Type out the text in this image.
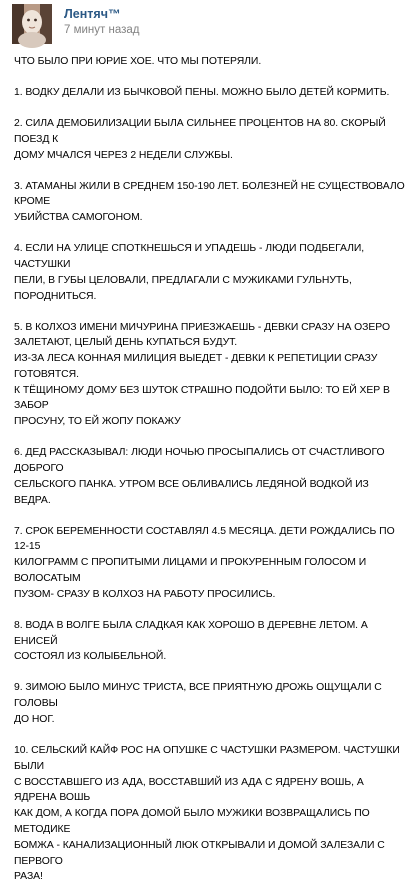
Лентяч™
7 минут назад

ЧТО БЫЛО ПРИ ЮРИЕ ХОЕ. ЧТО МЫ ПОТЕРЯЛИ.

1. ВОДКУ ДЕЛАЛИ ИЗ БЫЧКОВОЙ ПЕНЫ. МОЖНО БЫЛО ДЕТЕЙ КОРМИТЬ.

2. СИЛА ДЕМОБИЛИЗАЦИИ БЫЛА СИЛЬНЕЕ ПРОЦЕНТОВ НА 80. СКОРЫЙ ПОЕЗД К
ДОМУ МЧАЛСЯ ЧЕРЕЗ 2 НЕДЕЛИ СЛУЖБЫ.

3. АТАМАНЫ ЖИЛИ В СРЕДНЕМ 150-190 ЛЕТ. БОЛЕЗНЕЙ НЕ СУЩЕСТВОВАЛО КРОМЕ
УБИЙСТВА САМОГОНОМ.

4. ЕСЛИ НА УЛИЦЕ СПОТКНЕШЬСЯ И УПАДЕШЬ - ЛЮДИ ПОДБЕГАЛИ, ЧАСТУШКИ
ПЕЛИ, В ГУБЫ ЦЕЛОВАЛИ, ПРЕДЛАГАЛИ С МУЖИКАМИ ГУЛЬНУТЬ, ПОРОДНИТЬСЯ.

5. В КОЛХОЗ ИМЕНИ МИЧУРИНА ПРИЕЗЖАЕШЬ - ДЕВКИ СРАЗУ НА ОЗЕРО
ЗАЛЕТАЮТ, ЦЕЛЫЙ ДЕНЬ КУПАТЬСЯ БУДУТ.
ИЗ-ЗА ЛЕСА КОННАЯ МИЛИЦИЯ ВЫЕДЕТ - ДЕВКИ К РЕПЕТИЦИИ СРАЗУ
ГОТОВЯТСЯ.
К ТЁЩИНОМУ ДОМУ БЕЗ ШУТОК СТРАШНО ПОДОЙТИ БЫЛО: ТО ЕЙ ХЕР В ЗАБОР
ПРОСУНУ, ТО ЕЙ ЖОПУ ПОКАЖУ

6. ДЕД РАССКАЗЫВАЛ: ЛЮДИ НОЧЬЮ ПРОСЫПАЛИСЬ ОТ СЧАСТЛИВОГО ДОБРОГО
СЕЛЬСКОГО ПАНКА. УТРОМ ВСЕ ОБЛИВАЛИСЬ ЛЕДЯНОЙ ВОДКОЙ ИЗ ВЕДРА.

7. СРОК БЕРЕМЕННОСТИ СОСТАВЛЯЛ 4.5 МЕСЯЦА. ДЕТИ РОЖДАЛИСЬ ПО 12-15
КИЛОГРАММ С ПРОПИТЫМИ ЛИЦАМИ И ПРОКУРЕННЫМ ГОЛОСОМ И ВОЛОСАТЫМ
ПУЗОМ- СРАЗУ В КОЛХОЗ НА РАБОТУ ПРОСИЛИСЬ.

8. ВОДА В ВОЛГЕ БЫЛА СЛАДКАЯ КАК ХОРОШО В ДЕРЕВНЕ ЛЕТОМ. А ЕНИСЕЙ
СОСТОЯЛ ИЗ КОЛЫБЕЛЬНОЙ.

9. ЗИМОЮ БЫЛО МИНУС ТРИСТА, ВСЕ ПРИЯТНУЮ ДРОЖЬ ОЩУЩАЛИ С ГОЛОВЫ
ДО НОГ.

10. СЕЛЬСКИЙ КАЙФ РОС НА ОПУШКЕ С ЧАСТУШКИ РАЗМЕРОМ. ЧАСТУШКИ БЫЛИ
С ВОССТАВШЕГО ИЗ АДА, ВОССТАВШИЙ ИЗ АДА С ЯДРЕНУ ВОШЬ, А ЯДРЕНА ВОШЬ
КАК ДОМ, А КОГДА ПОРА ДОМОЙ БЫЛО МУЖИКИ ВОЗВРАЩАЛИСЬ ПО МЕТОДИКЕ
БОМЖА - КАНАЛИЗАЦИОННЫЙ ЛЮК ОТКРЫВАЛИ И ДОМОЙ ЗАЛЕЗАЛИ С ПЕРВОГО
РАЗА!
